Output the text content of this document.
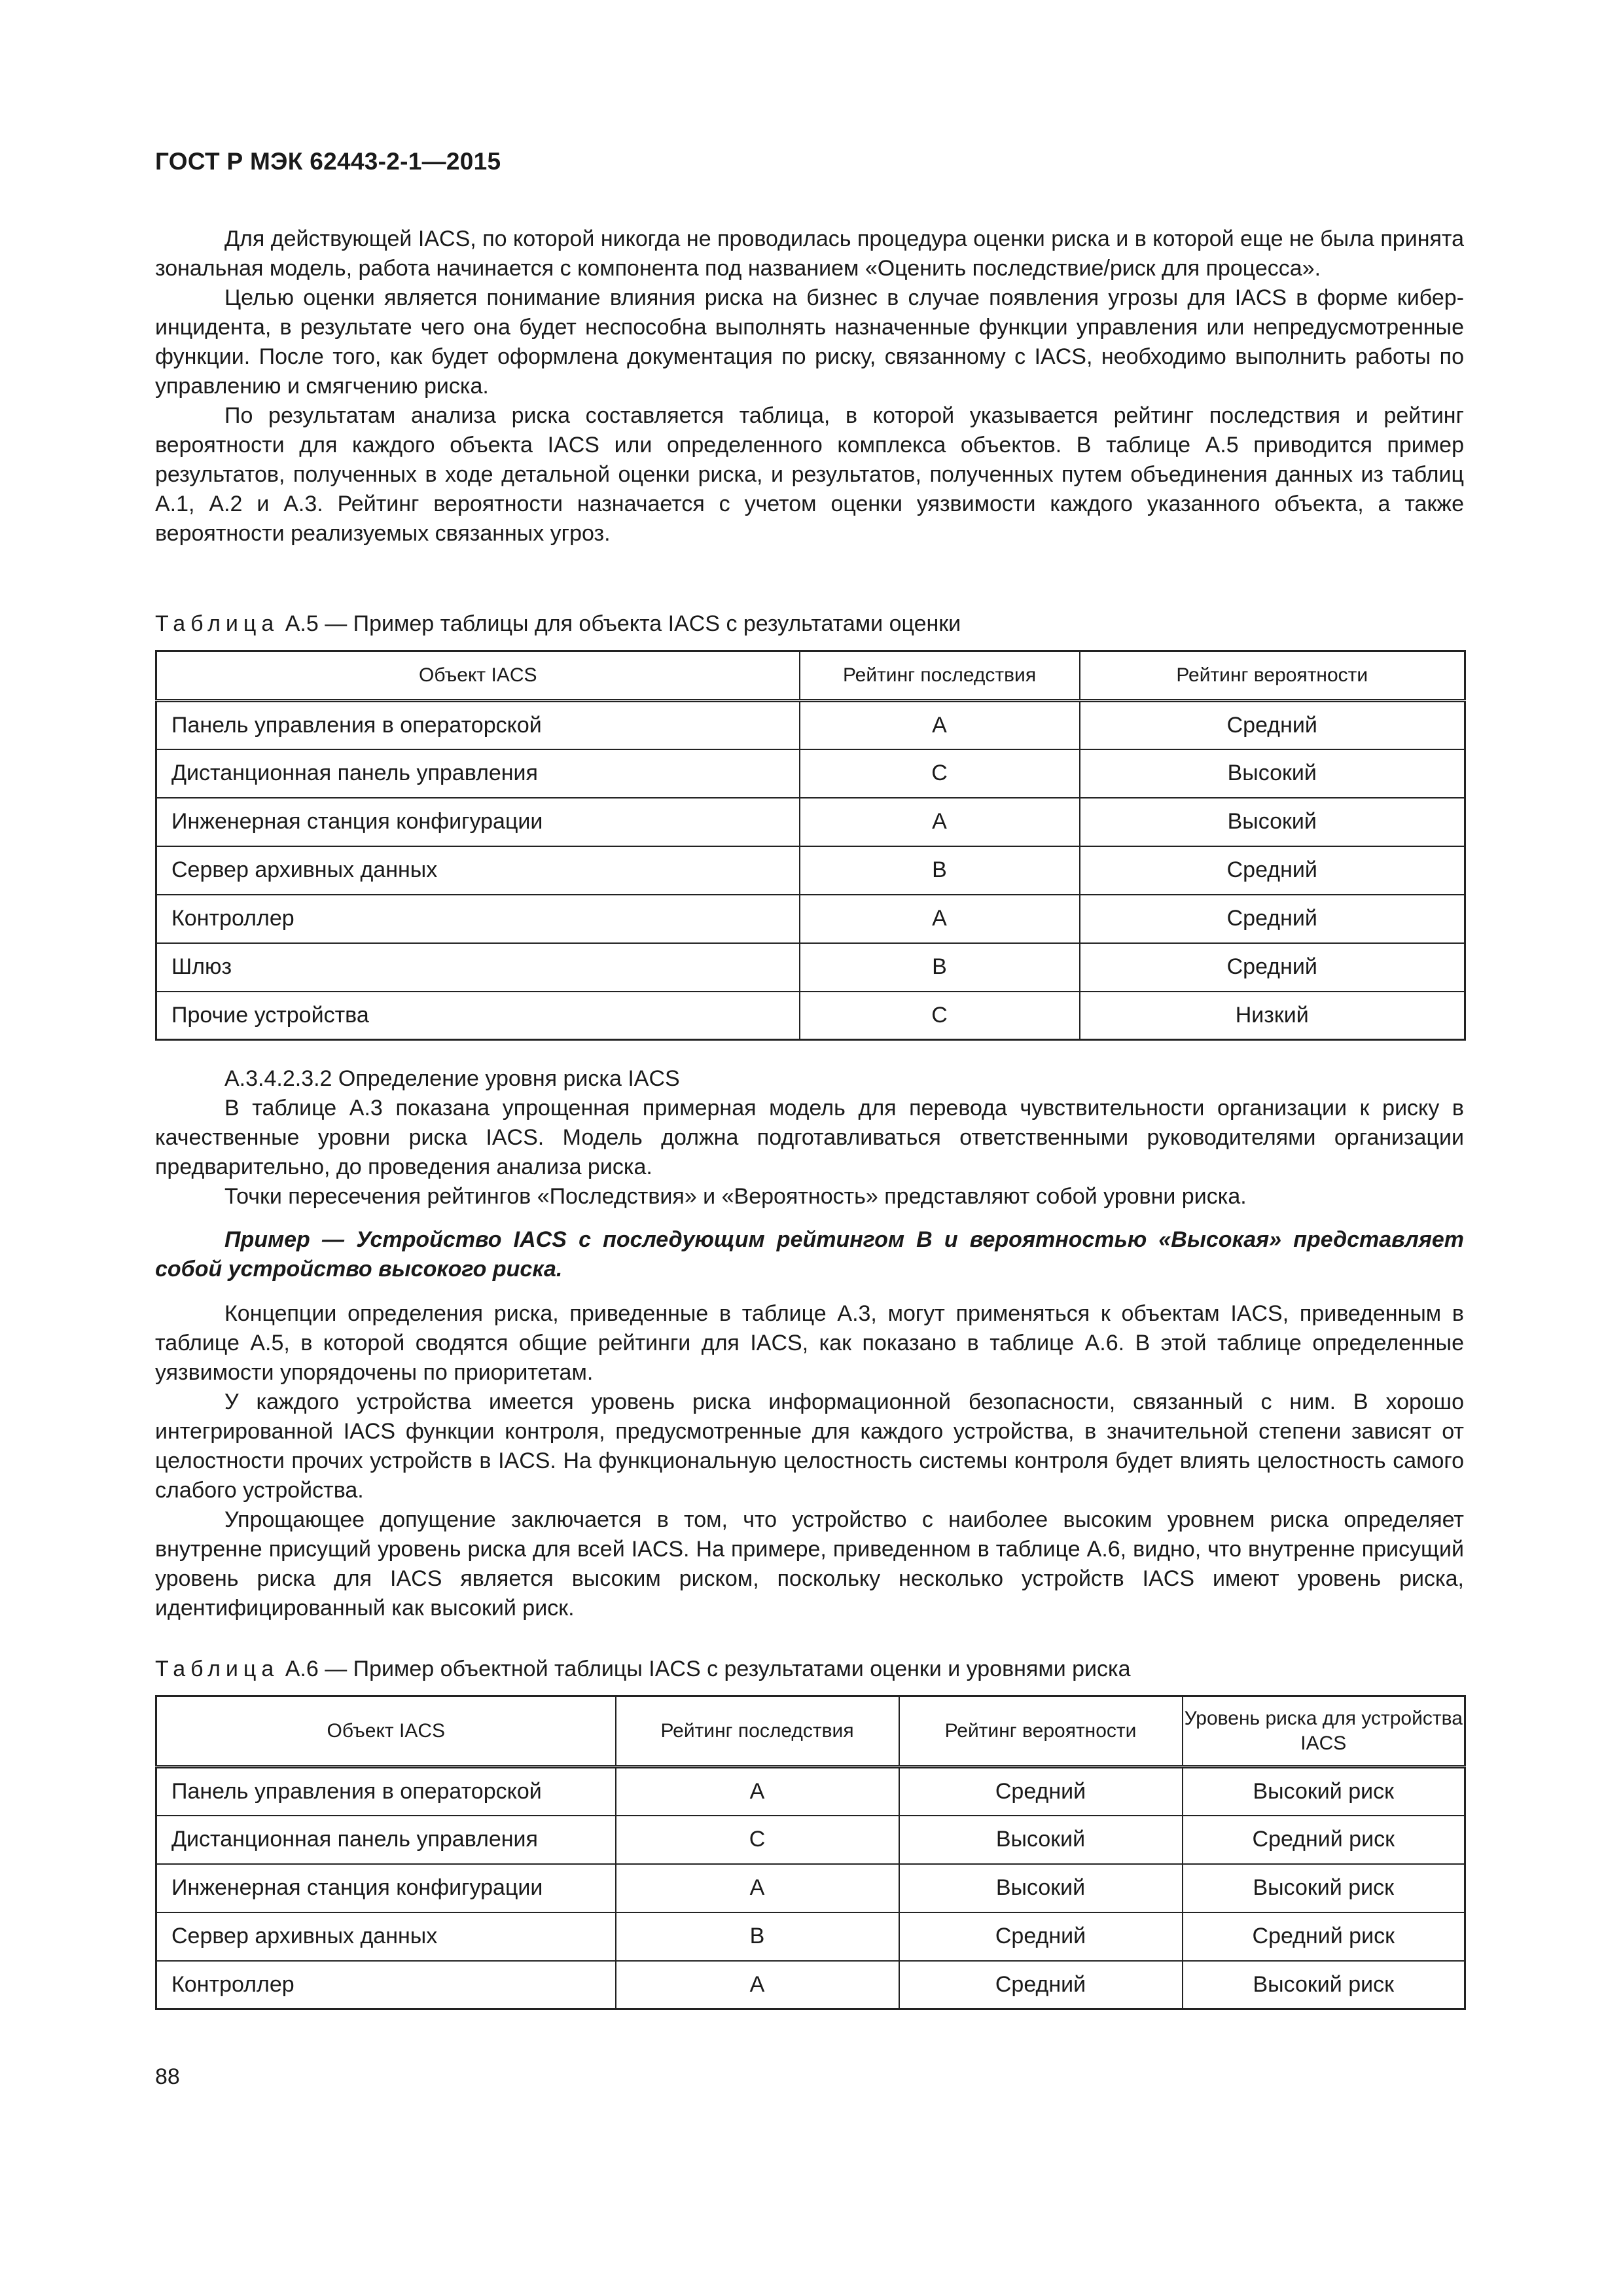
ГОСТ Р МЭК 62443-2-1—2015

Для действующей IACS, по которой никогда не проводилась процедура оценки риска и в которой еще не была принята зональная модель, работа начинается с компонента под названием «Оценить последствие/риск для процесса».

Целью оценки является понимание влияния риска на бизнес в случае появления угрозы для IACS в форме кибер-инцидента, в результате чего она будет неспособна выполнять назначенные функции управления или непредусмотренные функции. После того, как будет оформлена документация по риску, связанному с IACS, необходимо выполнить работы по управлению и смягчению риска.

По результатам анализа риска составляется таблица, в которой указывается рейтинг последствия и рейтинг вероятности для каждого объекта IACS или определенного комплекса объектов. В таблице А.5 приводится пример результатов, полученных в ходе детальной оценки риска, и результатов, полученных путем объединения данных из таблиц А.1, А.2 и А.3. Рейтинг вероятности назначается с учетом оценки уязвимости каждого указанного объекта, а также вероятности реализуемых связанных угроз.

Таблица А.5 — Пример таблицы для объекта IACS с результатами оценки
Объект IACS	Рейтинг последствия	Рейтинг вероятности
Панель управления в операторской	А	Средний
Дистанционная панель управления	С	Высокий
Инженерная станция конфигурации	А	Высокий
Сервер архивных данных	В	Средний
Контроллер	А	Средний
Шлюз	В	Средний
Прочие устройства	С	Низкий

А.3.4.2.3.2 Определение уровня риска IACS

В таблице А.3 показана упрощенная примерная модель для перевода чувствительности организации к риску в качественные уровни риска IACS. Модель должна подготавливаться ответственными руководителями организации предварительно, до проведения анализа риска.

Точки пересечения рейтингов «Последствия» и «Вероятность» представляют собой уровни риска.

Пример — Устройство IACS с последующим рейтингом В и вероятностью «Высокая» представляет собой устройство высокого риска.

Концепции определения риска, приведенные в таблице А.3, могут применяться к объектам IACS, приведенным в таблице А.5, в которой сводятся общие рейтинги для IACS, как показано в таблице А.6. В этой таблице определенные уязвимости упорядочены по приоритетам.

У каждого устройства имеется уровень риска информационной безопасности, связанный с ним. В хорошо интегрированной IACS функции контроля, предусмотренные для каждого устройства, в значительной степени зависят от целостности прочих устройств в IACS. На функциональную целостность системы контроля будет влиять целостность самого слабого устройства.

Упрощающее допущение заключается в том, что устройство с наиболее высоким уровнем риска определяет внутренне присущий уровень риска для всей IACS. На примере, приведенном в таблице А.6, видно, что внутренне присущий уровень риска для IACS является высоким риском, поскольку несколько устройств IACS имеют уровень риска, идентифицированный как высокий риск.

Таблица А.6 — Пример объектной таблицы IACS с результатами оценки и уровнями риска
Объект IACS	Рейтинг последствия	Рейтинг вероятности	Уровень риска для устройства IACS
Панель управления в операторской	А	Средний	Высокий риск
Дистанционная панель управления	С	Высокий	Средний риск
Инженерная станция конфигурации	А	Высокий	Высокий риск
Сервер архивных данных	В	Средний	Средний риск
Контроллер	А	Средний	Высокий риск
88
